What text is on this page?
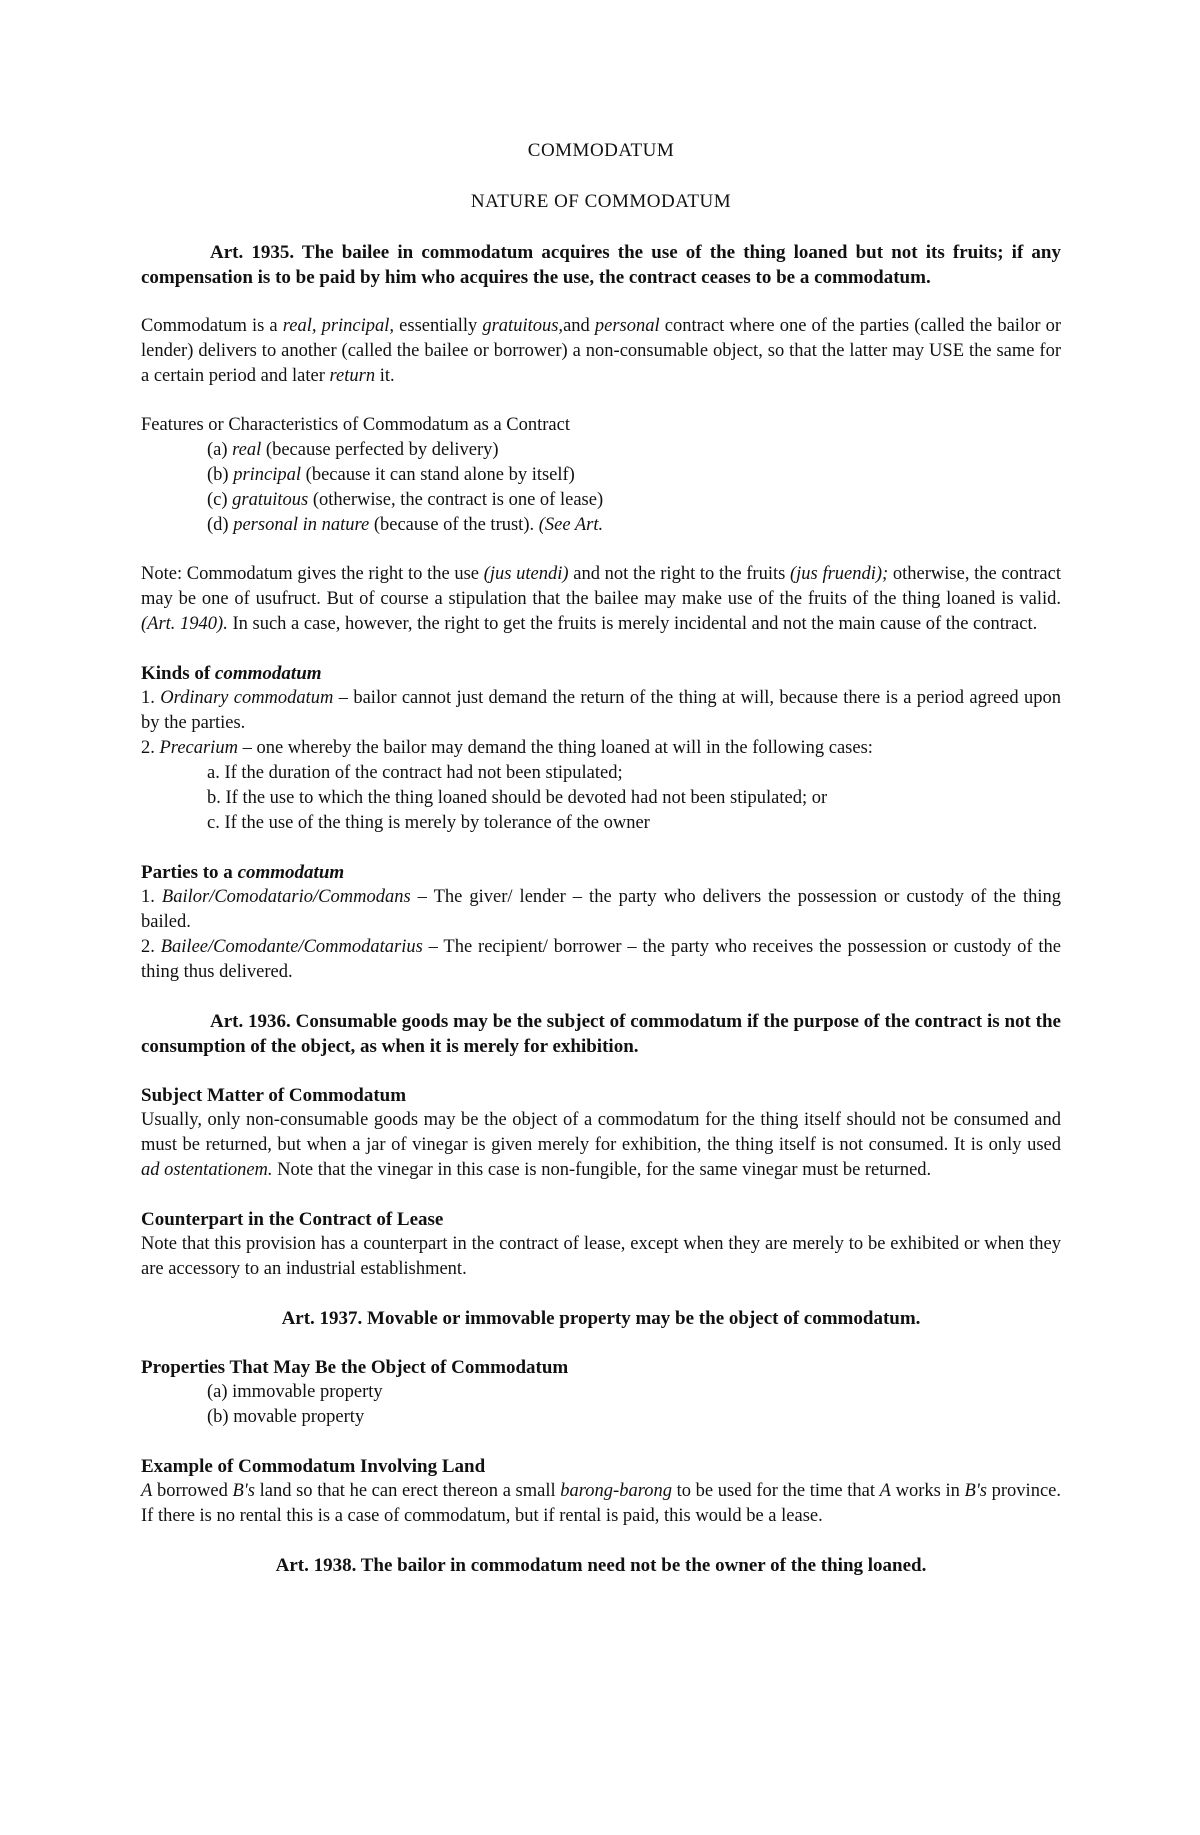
COMMODATUM

NATURE OF COMMODATUM

Art. 1935. The bailee in commodatum acquires the use of the thing loaned but not its fruits; if any compensation is to be paid by him who acquires the use, the contract ceases to be a commodatum.

Commodatum is a real, principal, essentially gratuitous,and personal contract where one of the parties (called the bailor or lender) delivers to another (called the bailee or borrower) a non-consumable object, so that the latter may USE the same for a certain period and later return it.

Features or Characteristics of Commodatum as a Contract

(a) real (because perfected by delivery)
(b) principal (because it can stand alone by itself)
(c) gratuitous (otherwise, the contract is one of lease)
(d) personal in nature (because of the trust). (See Art.

Note: Commodatum gives the right to the use (jus utendi) and not the right to the fruits (jus fruendi); otherwise, the contract may be one of usufruct. But of course a stipulation that the bailee may make use of the fruits of the thing loaned is valid. (Art. 1940). In such a case, however, the right to get the fruits is merely incidental and not the main cause of the contract.

Kinds of commodatum

1. Ordinary commodatum – bailor cannot just demand the return of the thing at will, because there is a period agreed upon by the parties.
2. Precarium – one whereby the bailor may demand the thing loaned at will in the following cases:
a. If the duration of the contract had not been stipulated;
b. If the use to which the thing loaned should be devoted had not been stipulated; or
c. If the use of the thing is merely by tolerance of the owner

Parties to a commodatum

1. Bailor/Comodatario/Commodans – The giver/ lender – the party who delivers the possession or custody of the thing bailed.
2. Bailee/Comodante/Commodatarius – The recipient/ borrower – the party who receives the possession or custody of the thing thus delivered.

Art. 1936. Consumable goods may be the subject of commodatum if the purpose of the contract is not the consumption of the object, as when it is merely for exhibition.

Subject Matter of Commodatum

Usually, only non-consumable goods may be the object of a commodatum for the thing itself should not be consumed and must be returned, but when a jar of vinegar is given merely for exhibition, the thing itself is not consumed. It is only used ad ostentationem. Note that the vinegar in this case is non-fungible, for the same vinegar must be returned.

Counterpart in the Contract of Lease

Note that this provision has a counterpart in the contract of lease, except when they are merely to be exhibited or when they are accessory to an industrial establishment.

Art. 1937. Movable or immovable property may be the object of commodatum.

Properties That May Be the Object of Commodatum

(a) immovable property
(b) movable property

Example of Commodatum Involving Land

A borrowed B's land so that he can erect thereon a small barong-barong to be used for the time that A works in B's province. If there is no rental this is a case of commodatum, but if rental is paid, this would be a lease.

Art. 1938. The bailor in commodatum need not be the owner of the thing loaned.
